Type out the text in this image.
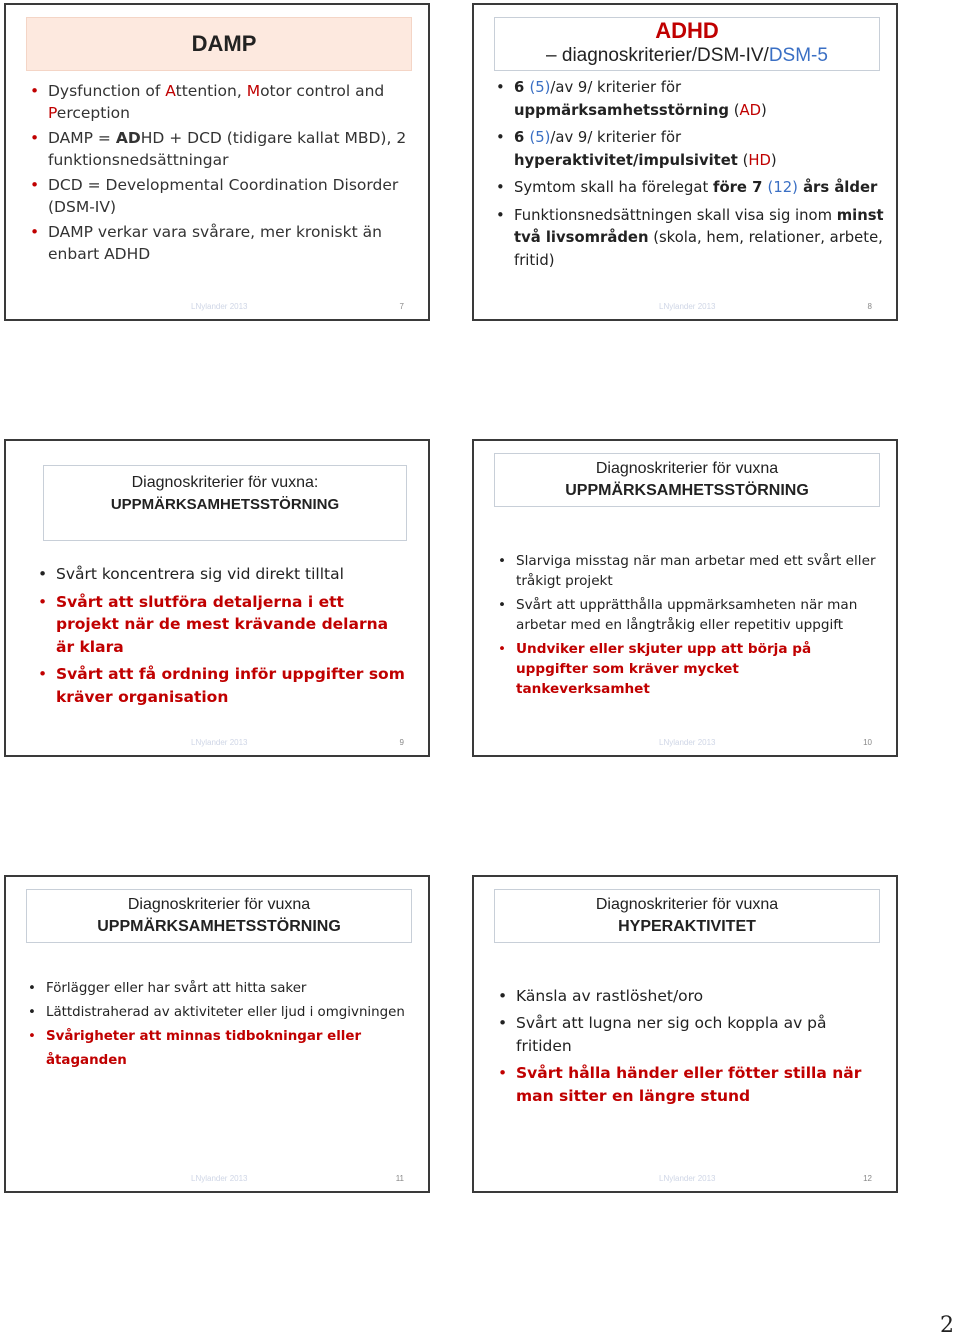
DAMP
• Dysfunction of Attention, Motor control and Perception
• DAMP = ADHD + DCD (tidigare kallat MBD), 2 funktionsnedsättningar
• DCD = Developmental Coordination Disorder (DSM-IV)
• DAMP verkar vara svårare, mer kroniskt än enbart ADHD
LNylander 2013	7
ADHD
– diagnoskriterier/DSM-IV/DSM-5
• 6 (5)/av 9/ kriterier för uppmärksamhetsstörning (AD)
• 6 (5)/av 9/ kriterier för hyperaktivitet/impulsivitet (HD)
• Symtom skall ha förelegat före 7 (12) års ålder
• Funktionsnedsättningen skall visa sig inom minst två livsområden (skola, hem, relationer, arbete, fritid)
LNylander 2013	8
Diagnoskriterier för vuxna:
UPPMÄRKSAMHETSSTÖRNING
• Svårt koncentrera sig vid direkt tilltal
• Svårt att slutföra detaljerna i ett projekt när de mest krävande delarna är klara
• Svårt att få ordning inför uppgifter som kräver organisation
LNylander 2013	9
Diagnoskriterier för vuxna
UPPMÄRKSAMHETSSTÖRNING
• Slarviga misstag när man arbetar med ett svårt eller tråkigt projekt
• Svårt att upprätthålla uppmärksamheten när man arbetar med en långtråkig eller repetitiv uppgift
• Undviker eller skjuter upp att börja på uppgifter som kräver mycket tankeverksamhet
LNylander 2013	10
Diagnoskriterier för vuxna
UPPMÄRKSAMHETSSTÖRNING
• Förlägger eller har svårt att hitta saker
• Lättdistraherad av aktiviteter eller ljud i omgivningen
• Svårigheter att minnas tidbokningar eller åtaganden
LNylander 2013	11
Diagnoskriterier för vuxna
HYPERAKTIVITET
• Känsla av rastlöshet/oro
• Svårt att lugna ner sig och koppla av på fritiden
• Svårt hålla händer eller fötter stilla när man sitter en längre stund
LNylander 2013	12
2
